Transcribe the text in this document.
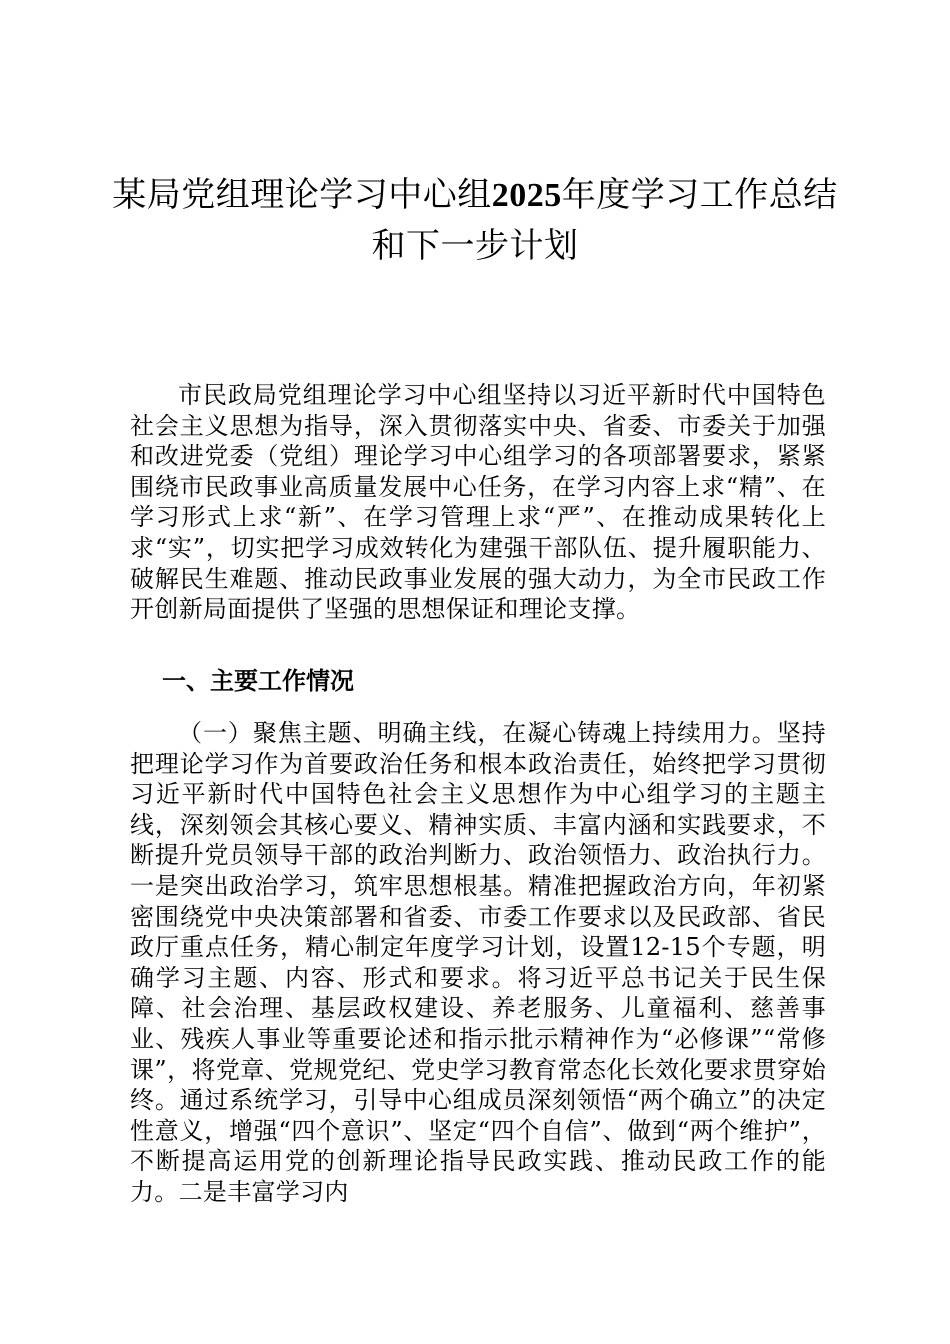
某局党组理论学习中心组2025年度学习工作总结和下一步计划

市民政局党组理论学习中心组坚持以习近平新时代中国特色社会主义思想为指导，深入贯彻落实中央、省委、市委关于加强和改进党委（党组）理论学习中心组学习的各项部署要求，紧紧围绕市民政事业高质量发展中心任务，在学习内容上求“精”、在学习形式上求“新”、在学习管理上求“严”、在推动成果转化上求“实”，切实把学习成效转化为建强干部队伍、提升履职能力、破解民生难题、推动民政事业发展的强大动力，为全市民政工作开创新局面提供了坚强的思想保证和理论支撑。

一、主要工作情况

（一）聚焦主题、明确主线，在凝心铸魂上持续用力。坚持把理论学习作为首要政治任务和根本政治责任，始终把学习贯彻习近平新时代中国特色社会主义思想作为中心组学习的主题主线，深刻领会其核心要义、精神实质、丰富内涵和实践要求，不断提升党员领导干部的政治判断力、政治领悟力、政治执行力。一是突出政治学习，筑牢思想根基。精准把握政治方向，年初紧密围绕党中央决策部署和省委、市委工作要求以及民政部、省民政厅重点任务，精心制定年度学习计划，设置12-15个专题，明确学习主题、内容、形式和要求。将习近平总书记关于民生保障、社会治理、基层政权建设、养老服务、儿童福利、慈善事业、残疾人事业等重要论述和指示批示精神作为“必修课”“常修课”，将党章、党规党纪、党史学习教育常态化长效化要求贯穿始终。通过系统学习，引导中心组成员深刻领悟“两个确立”的决定性意义，增强“四个意识”、坚定“四个自信”、做到“两个维护”，不断提高运用党的创新理论指导民政实践、推动民政工作的能力。二是丰富学习内
